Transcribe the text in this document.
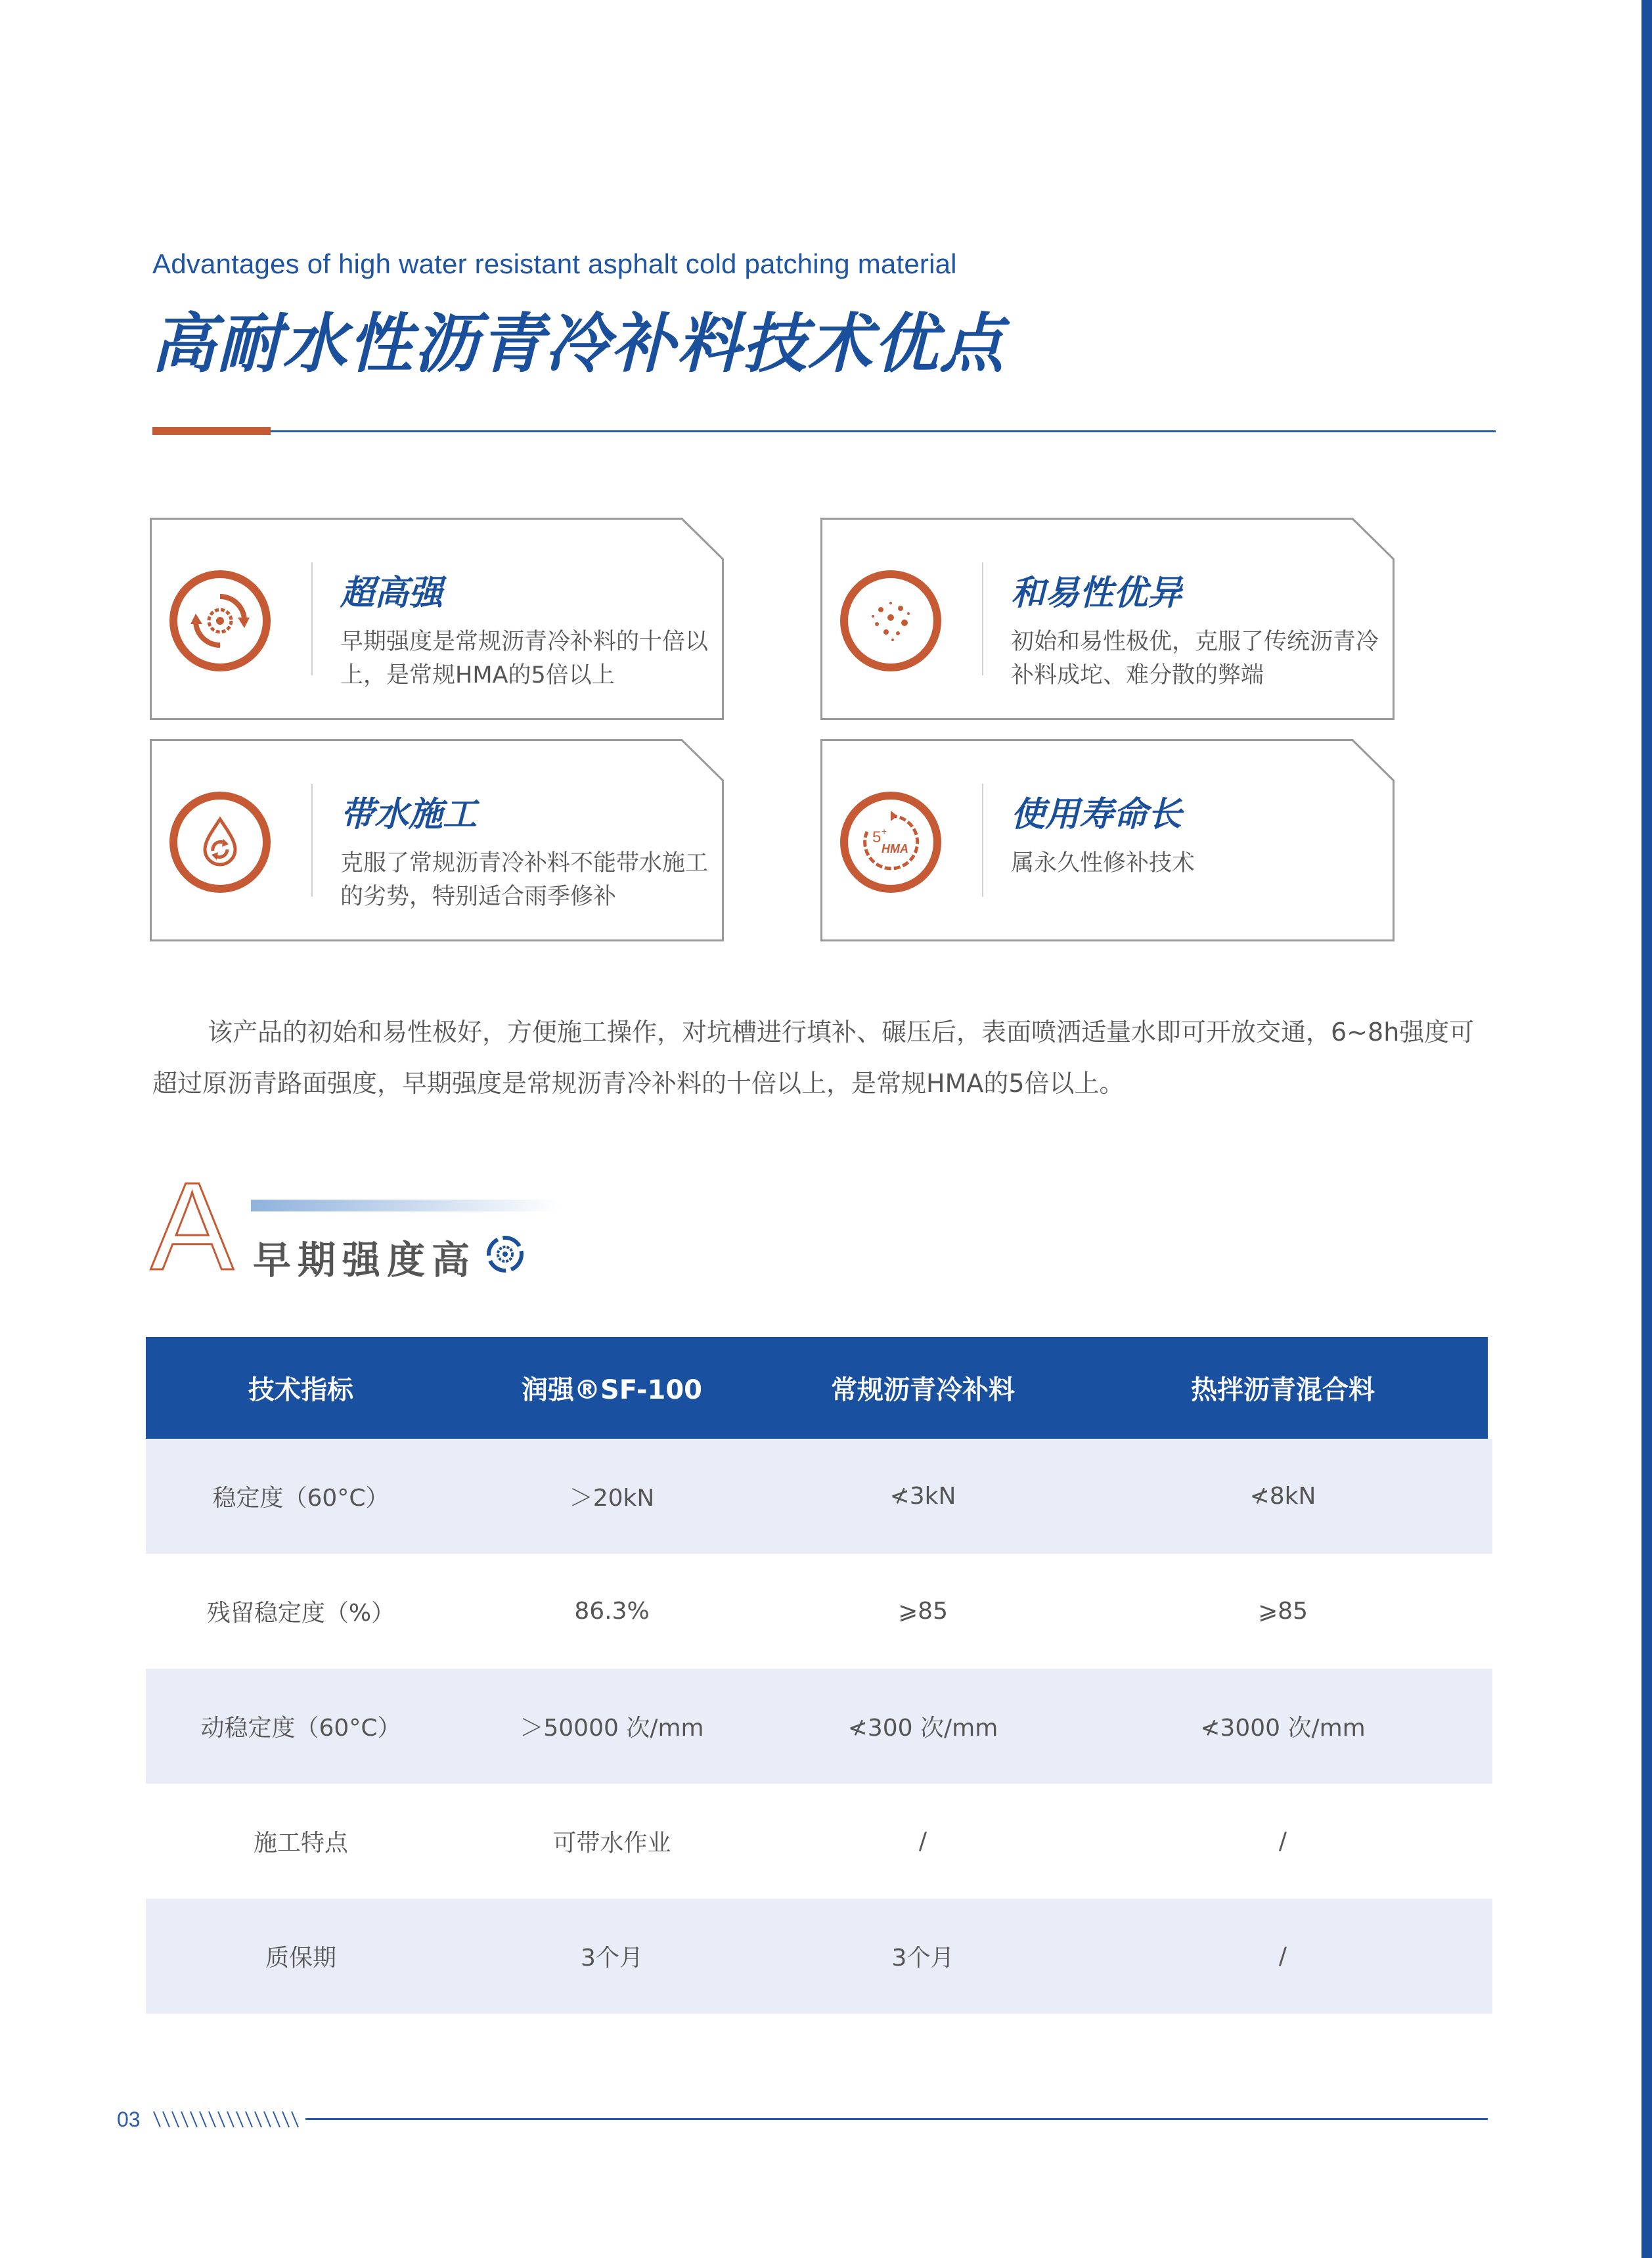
Advantages of high water resistant asphalt cold patching material
高耐水性沥青冷补料技术优点
超高强
早期强度是常规沥青冷补料的十倍以上，是常规HMA的5倍以上
和易性优异
初始和易性极优，克服了传统沥青冷补料成坨、难分散的弊端
带水施工
克服了常规沥青冷补料不能带水施工的劣势，特别适合雨季修补
5 +
HMA
使用寿命长
属永久性修补技术
该产品的初始和易性极好，方便施工操作，对坑槽进行填补、碾压后，表面喷洒适量水即可开放交通，6~8h强度可超过原沥青路面强度，早期强度是常规沥青冷补料的十倍以上，是常规HMA的5倍以上。
A 早期强度高
技术指标	润强®SF-100	常规沥青冷补料	热拌沥青混合料
稳定度（60°C）	＞20kN	≮3kN	≮8kN
残留稳定度（%）	86.3%	⩾85	⩾85
动稳定度（60°C）	＞50000 次/mm	≮300 次/mm	≮3000 次/mm
施工特点	可带水作业	/	/
质保期	3个月	3个月	/
03
